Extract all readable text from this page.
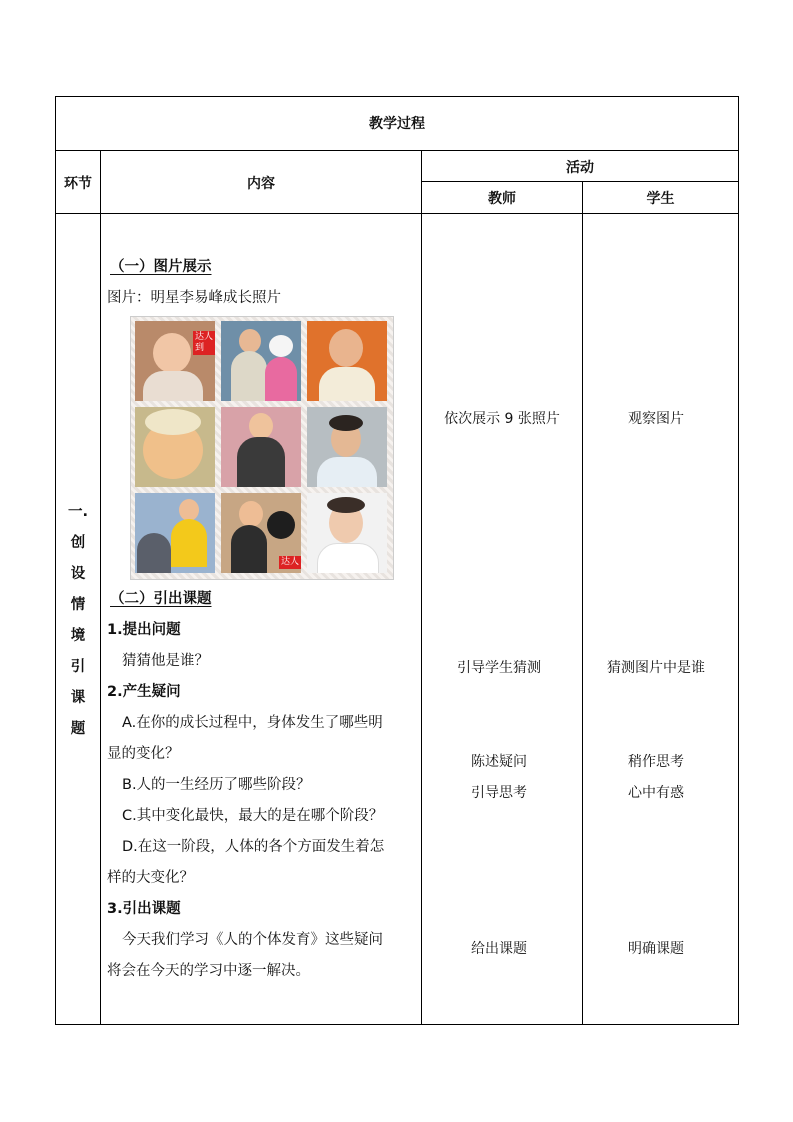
教学过程
环节	内容
活动
教师	学生
一.
创
设
情
境
引
课
题
（一）图片展示
图片：明星李易峰成长照片
达人
到
达人
（二）引出课题
1.提出问题
猜猜他是谁？
2.产生疑问
A.在你的成长过程中，身体发生了哪些明
显的变化？
B.人的一生经历了哪些阶段？
C.其中变化最快，最大的是在哪个阶段？
D.在这一阶段，人体的各个方面发生着怎
样的大变化？
3.引出课题
今天我们学习《人的个体发育》这些疑问
将会在今天的学习中逐一解决。
依次展示 9 张照片
引导学生猜测
陈述疑问
引导思考
给出课题
观察图片
猜测图片中是谁
稍作思考
心中有惑
明确课题
